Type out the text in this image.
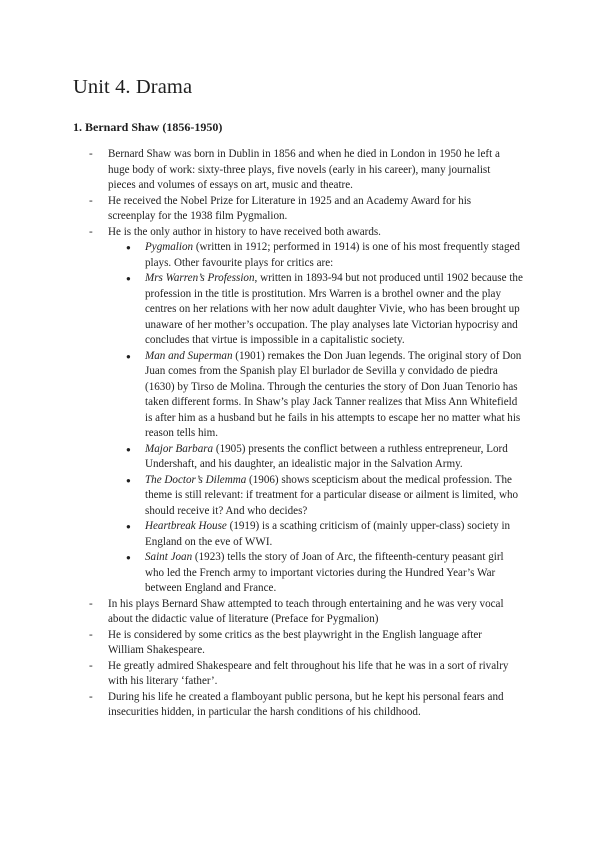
Unit 4. Drama
1. Bernard Shaw (1856-1950)
- Bernard Shaw was born in Dublin in 1856 and when he died in London in 1950 he left a huge body of work: sixty-three plays, five novels (early in his career), many journalist pieces and volumes of essays on art, music and theatre.
- He received the Nobel Prize for Literature in 1925 and an Academy Award for his screenplay for the 1938 film Pygmalion.
- He is the only author in history to have received both awards.
● Pygmalion (written in 1912; performed in 1914) is one of his most frequently staged plays. Other favourite plays for critics are:
● Mrs Warren’s Profession, written in 1893-94 but not produced until 1902 because the profession in the title is prostitution. Mrs Warren is a brothel owner and the play centres on her relations with her now adult daughter Vivie, who has been brought up unaware of her mother’s occupation. The play analyses late Victorian hypocrisy and concludes that virtue is impossible in a capitalistic society.
● Man and Superman (1901) remakes the Don Juan legends. The original story of Don Juan comes from the Spanish play El burlador de Sevilla y convidado de piedra (1630) by Tirso de Molina. Through the centuries the story of Don Juan Tenorio has taken different forms. In Shaw’s play Jack Tanner realizes that Miss Ann Whitefield is after him as a husband but he fails in his attempts to escape her no matter what his reason tells him.
● Major Barbara (1905) presents the conflict between a ruthless entrepreneur, Lord Undershaft, and his daughter, an idealistic major in the Salvation Army.
● The Doctor’s Dilemma (1906) shows scepticism about the medical profession. The theme is still relevant: if treatment for a particular disease or ailment is limited, who should receive it? And who decides?
● Heartbreak House (1919) is a scathing criticism of (mainly upper-class) society in England on the eve of WWI.
● Saint Joan (1923) tells the story of Joan of Arc, the fifteenth-century peasant girl who led the French army to important victories during the Hundred Year’s War between England and France.
- In his plays Bernard Shaw attempted to teach through entertaining and he was very vocal about the didactic value of literature (Preface for Pygmalion)
- He is considered by some critics as the best playwright in the English language after William Shakespeare.
- He greatly admired Shakespeare and felt throughout his life that he was in a sort of rivalry with his literary ‘father’.
- During his life he created a flamboyant public persona, but he kept his personal fears and insecurities hidden, in particular the harsh conditions of his childhood.
